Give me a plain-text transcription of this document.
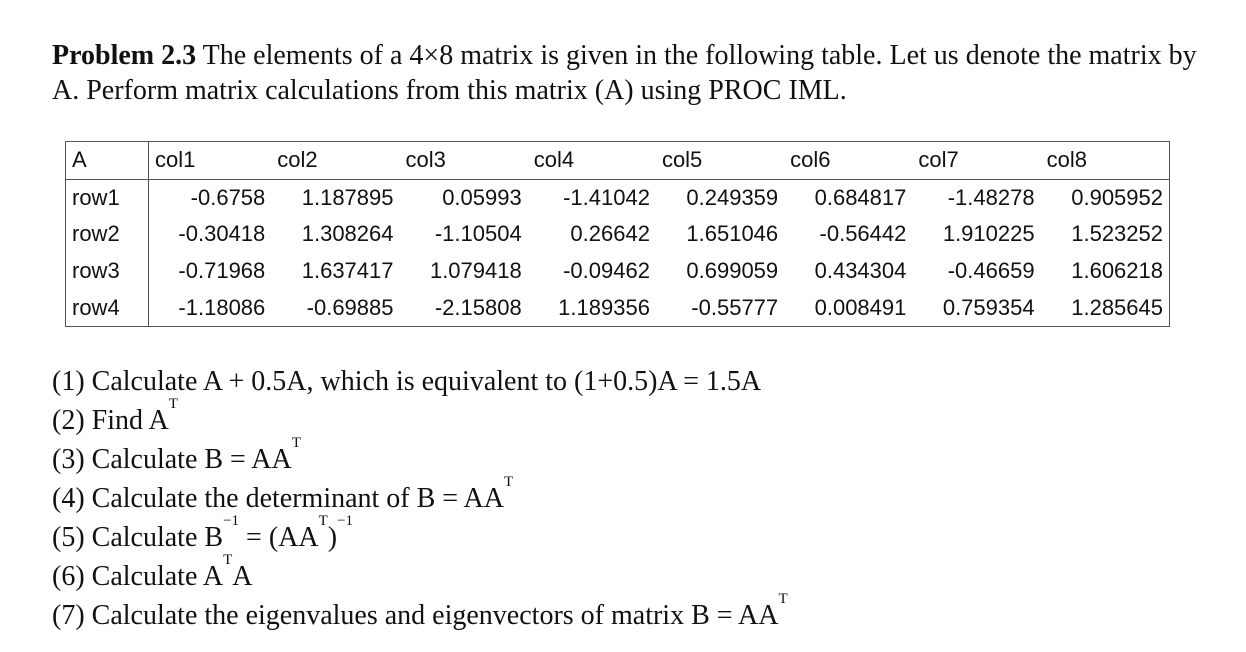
Problem 2.3 The elements of a 4×8 matrix is given in the following table. Let us denote the matrix by A. Perform matrix calculations from this matrix (A) using PROC IML.
A	col1	col2	col3	col4	col5	col6	col7	col8
row1	-0.6758	1.187895	0.05993	-1.41042	0.249359	0.684817	-1.48278	0.905952
row2	-0.30418	1.308264	-1.10504	0.26642	1.651046	-0.56442	1.910225	1.523252
row3	-0.71968	1.637417	1.079418	-0.09462	0.699059	0.434304	-0.46659	1.606218
row4	-1.18086	-0.69885	-2.15808	1.189356	-0.55777	0.008491	0.759354	1.285645
(1) Calculate A + 0.5A, which is equivalent to (1+0.5)A = 1.5A
(2) Find $A^T$
(3) Calculate $B = AA^T$
(4) Calculate the determinant of $B = AA^T$
(5) Calculate $B^{-1} = (AA^T)^{-1}$
(6) Calculate $A^TA$
(7) Calculate the eigenvalues and eigenvectors of matrix $B = AA^T$
